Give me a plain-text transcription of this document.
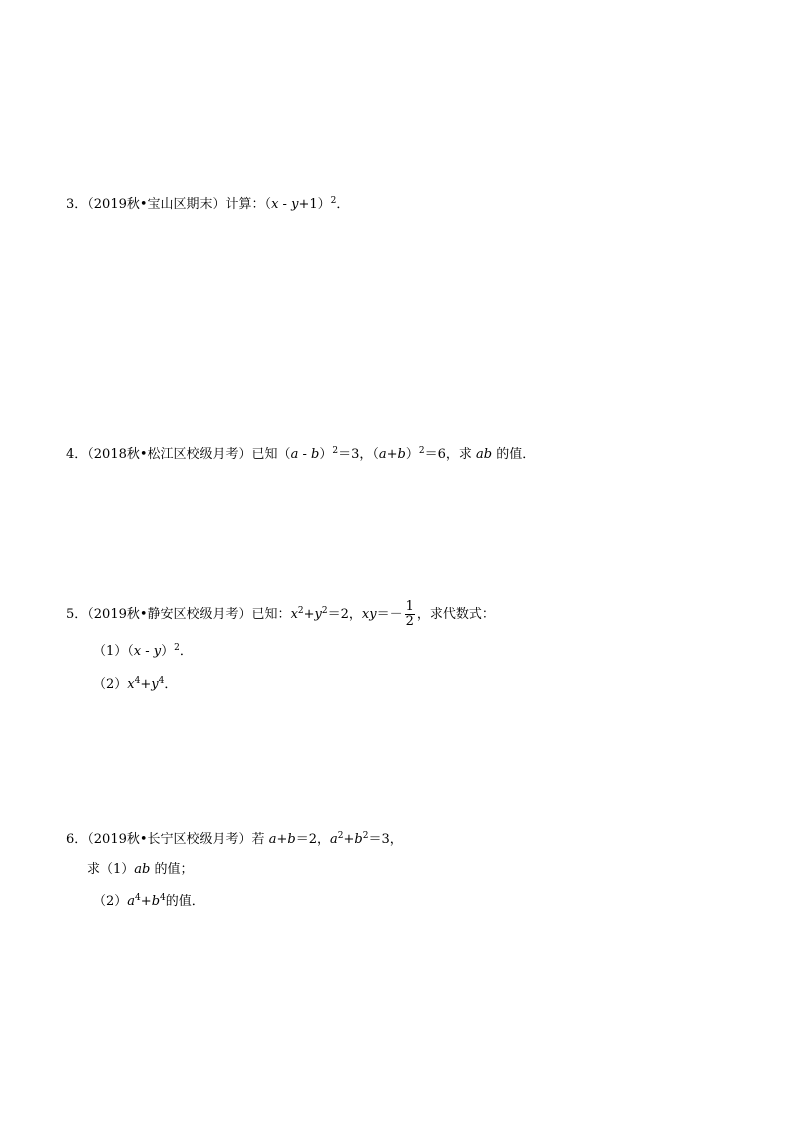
3．（2019秋•宝山区期末）计算：$(x - y+1)^2$．
4．（2018秋•松江区校级月考）已知（a - b）$^2$＝3，$(a+b)^2=6$，求 ab 的值．
5．（2019秋•静安区校级月考）已知：$x^2+y^2=2$，$xy=- \frac{1}{2}$ ，求代数式：
（1）（x - y）$^2$．
$(2)x^4+y^4$．
6．（2019秋•长宁区校级月考）若 a+b＝2，$a^2+b^2=3$，
求（1）ab 的值；
$(2)a^4+b^4$的值．
